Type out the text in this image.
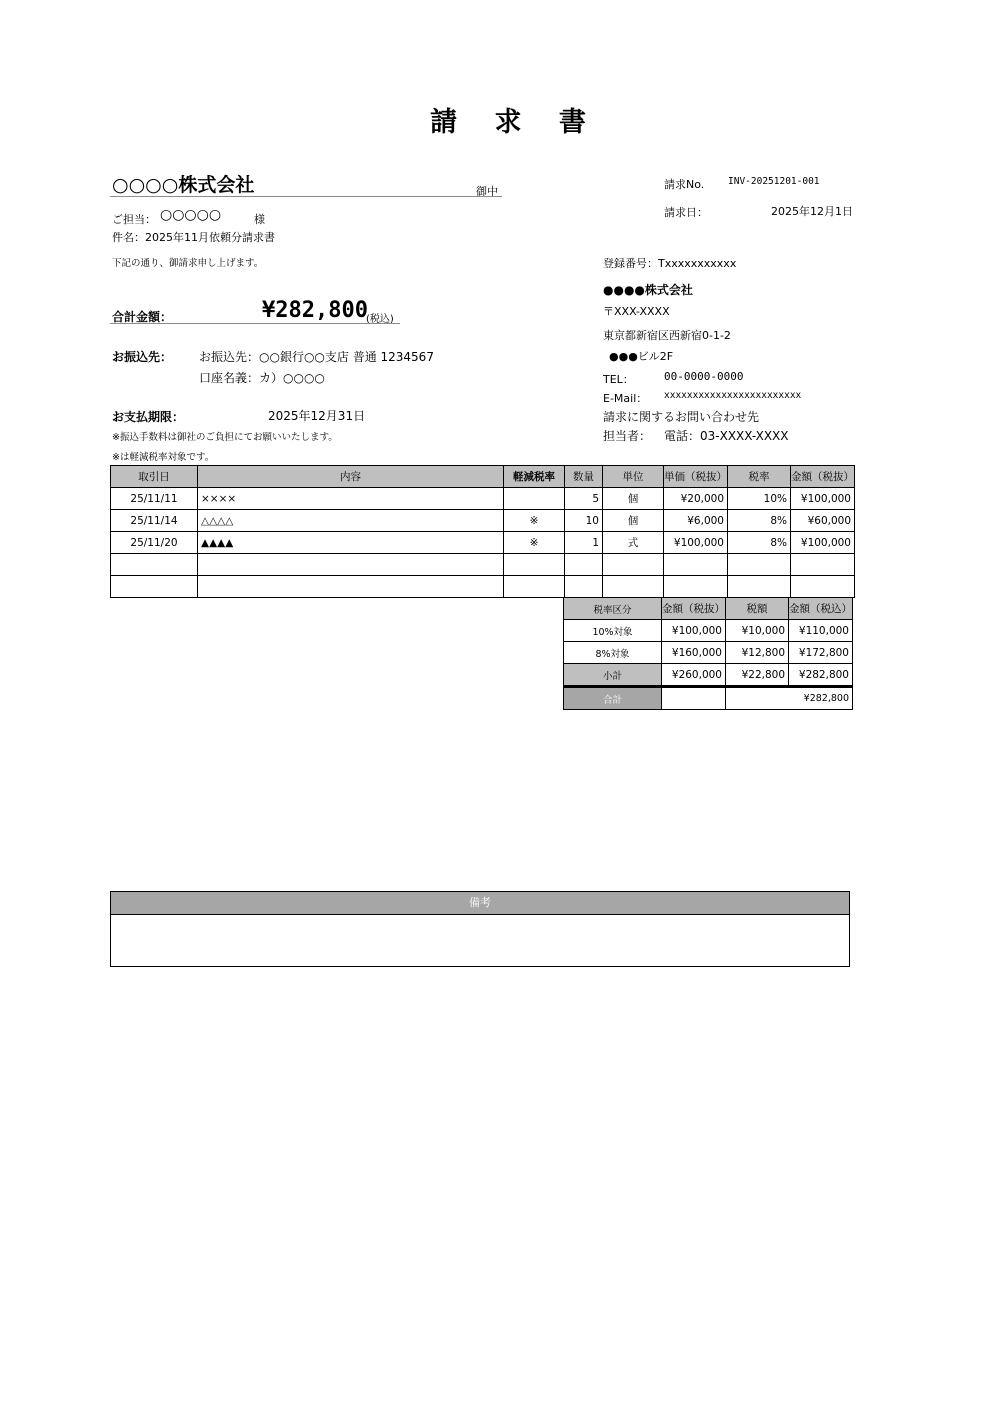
請 求 書
○○○○株式会社	御中
ご担当： ○○○○○	様
件名：2025年11月依頼分請求書
下記の通り、御請求申し上げます。
合計金額：	¥282,800
(税込)
お振込先： お振込先：○○銀行○○支店 普通 1234567
口座名義：カ）○○○○
お支払期限：	2025年12月31日
※振込手数料は御社のご負担にてお願いいたします。
※は軽減税率対象です。
請求No. INV-20251201-001
請求日：	2025年12月1日
登録番号：Txxxxxxxxxxx
●●●●株式会社
〒XXX-XXXX
東京都新宿区西新宿0-1-2
●●●ビル2F
TEL：	00-0000-0000
E-Mail： xxxxxxxxxxxxxxxxxxxxxxxx
請求に関するお問い合わせ先
担当者： 電話：03-XXXX-XXXX
取引日	内容	軽減税率	数量	単位	単価（税抜）	税率	金額（税抜）
25/11/11	××××		5	個	¥20,000	10%	¥100,000
25/11/14	△△△△	※	10	個	¥6,000	8%	¥60,000
25/11/20	▲▲▲▲	※	1	式	¥100,000	8%	¥100,000

税率区分	金額（税抜）	税額	金額（税込）
10%対象	¥100,000	¥10,000	¥110,000
8%対象	¥160,000	¥12,800	¥172,800
小計	¥260,000	¥22,800	¥282,800
合計		¥282,800	
備考
